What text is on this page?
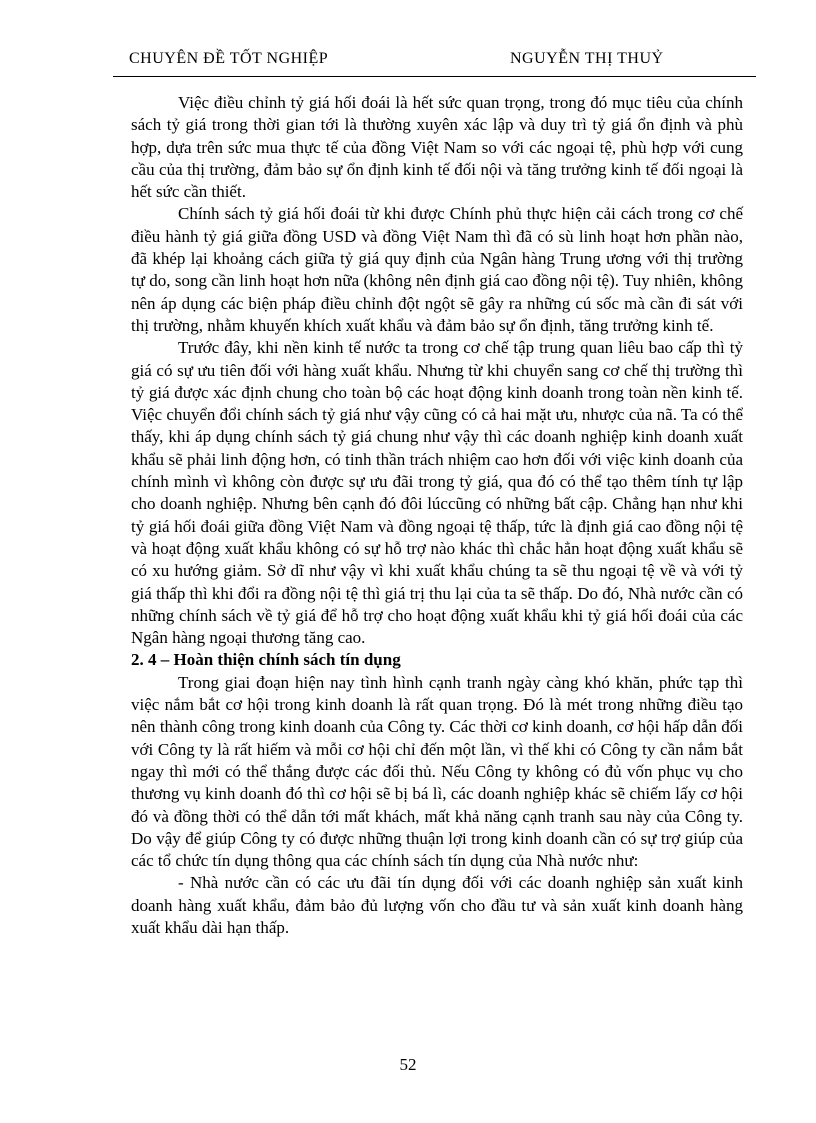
CHUYÊN ĐỀ TỐT NGHIỆP	NGUYỄN THỊ THUỶ

Việc điều chỉnh tỷ giá hối đoái là hết sức quan trọng, trong đó mục tiêu của chính sách tỷ giá trong thời gian tới là thường xuyên xác lập và duy trì tỷ giá ổn định và phù hợp, dựa trên sức mua thực tế của đồng Việt Nam so với các ngoại tệ, phù hợp với cung cầu của thị trường, đảm bảo sự ổn định kinh tế đối nội và tăng trưởng kinh tế đối ngoại là hết sức cần thiết.

Chính sách tỷ giá hối đoái từ khi được Chính phủ thực hiện cải cách trong cơ chế điều hành tỷ giá giữa đồng USD và đồng Việt Nam thì đã có sù linh hoạt hơn phần nào, đã khép lại khoảng cách giữa tỷ giá quy định của Ngân hàng Trung ương với thị trường tự do, song cần linh hoạt hơn nữa (không nên định giá cao đồng nội tệ). Tuy nhiên, không nên áp dụng các biện pháp điều chỉnh đột ngột sẽ gây ra những cú sốc mà cần đi sát với thị trường, nhằm khuyến khích xuất khẩu và đảm bảo sự ổn định, tăng trưởng kinh tế.

Trước đây, khi nền kinh tế nước ta trong cơ chế tập trung quan liêu bao cấp thì tỷ giá có sự ưu tiên đối với hàng xuất khẩu. Nhưng từ khi chuyển sang cơ chế thị trường thì tỷ giá được xác định chung cho toàn bộ các hoạt động kinh doanh trong toàn nền kinh tế. Việc chuyển đổi chính sách tỷ giá như vậy cũng có cả hai mặt ưu, nhược của nã. Ta có thể thấy, khi áp dụng chính sách tỷ giá chung như vậy thì các doanh nghiệp kinh doanh xuất khẩu sẽ phải linh động hơn, có tinh thần trách nhiệm cao hơn đối với việc kinh doanh của chính mình vì không còn được sự ưu đãi trong tỷ giá, qua đó có thể tạo thêm tính tự lập cho doanh nghiệp. Nhưng bên cạnh đó đôi lúccũng có những bất cập. Chẳng hạn như khi tỷ giá hối đoái giữa đồng Việt Nam và đồng ngoại tệ thấp, tức là định giá cao đồng nội tệ và hoạt động xuất khẩu không có sự hỗ trợ nào khác thì chắc hẳn hoạt động xuất khẩu sẽ có xu hướng giảm. Sở dĩ như vậy vì khi xuất khẩu chúng ta sẽ thu ngoại tệ về và với tỷ giá thấp thì khi đổi ra đồng nội tệ thì giá trị thu lại của ta sẽ thấp. Do đó, Nhà nước cần có những chính sách về tỷ giá để hỗ trợ cho hoạt động xuất khẩu khi tỷ giá hối đoái của các Ngân hàng ngoại thương tăng cao.

2. 4 – Hoàn thiện chính sách tín dụng

Trong giai đoạn hiện nay tình hình cạnh tranh ngày càng khó khăn, phức tạp thì việc nắm bắt cơ hội trong kinh doanh là rất quan trọng. Đó là mét trong những điều tạo nên thành công trong kinh doanh của Công ty. Các thời cơ kinh doanh, cơ hội hấp dẫn đối với Công ty là rất hiếm và mỗi cơ hội chỉ đến một lần, vì thế khi có Công ty cần nắm bắt ngay thì mới có thể thắng được các đối thủ. Nếu Công ty không có đủ vốn phục vụ cho thương vụ kinh doanh đó thì cơ hội sẽ bị bá lì, các doanh nghiệp khác sẽ chiếm lấy cơ hội đó và đồng thời có thể dẫn tới mất khách, mất khả năng cạnh tranh sau này của Công ty. Do vậy để giúp Công ty có được những thuận lợi trong kinh doanh cần có sự trợ giúp của các tổ chức tín dụng thông qua các chính sách tín dụng của Nhà nước như:

- Nhà nước cần có các ưu đãi tín dụng đối với các doanh nghiệp sản xuất kinh doanh hàng xuất khẩu, đảm bảo đủ lượng vốn cho đầu tư và sản xuất kinh doanh hàng xuất khẩu dài hạn thấp.

52
